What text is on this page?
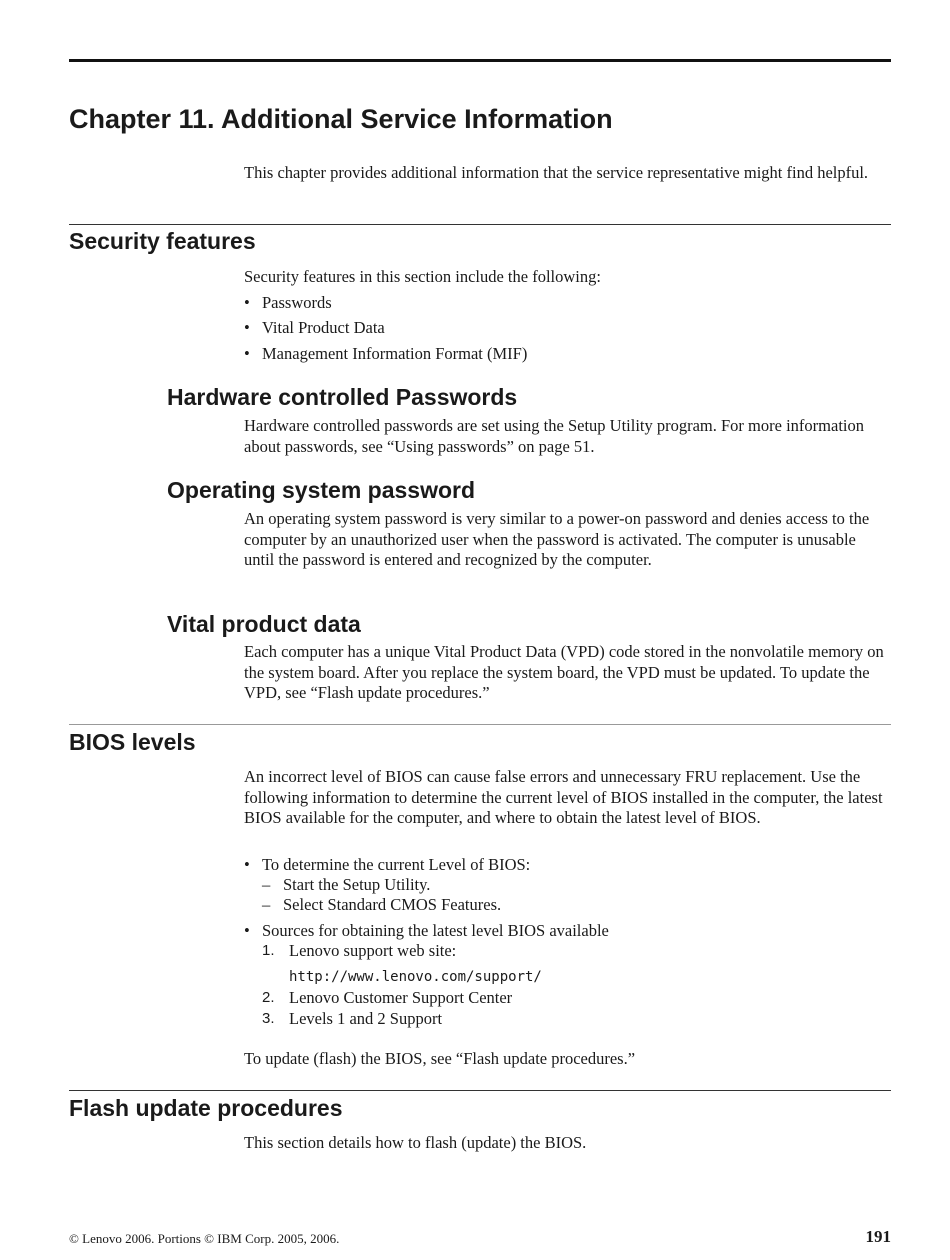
Chapter 11. Additional Service Information

This chapter provides additional information that the service representative might find helpful.

Security features

Security features in this section include the following:

• Passwords
• Vital Product Data
• Management Information Format (MIF)
Hardware controlled Passwords

Hardware controlled passwords are set using the Setup Utility program. For more information about passwords, see “Using passwords” on page 51.

Operating system password

An operating system password is very similar to a power-on password and denies access to the computer by an unauthorized user when the password is activated. The computer is unusable until the password is entered and recognized by the computer.

Vital product data

Each computer has a unique Vital Product Data (VPD) code stored in the nonvolatile memory on the system board. After you replace the system board, the VPD must be updated. To update the VPD, see “Flash update procedures.”

BIOS levels

An incorrect level of BIOS can cause false errors and unnecessary FRU replacement. Use the following information to determine the current level of BIOS installed in the computer, the latest BIOS available for the computer, and where to obtain the latest level of BIOS.

• To determine the current Level of BIOS:
– Start the Setup Utility.
– Select Standard CMOS Features.
• Sources for obtaining the latest level BIOS available
1. Lenovo support web site:
http://www.lenovo.com/support/
2. Lenovo Customer Support Center
3. Levels 1 and 2 Support

To update (flash) the BIOS, see “Flash update procedures.”

Flash update procedures

This section details how to flash (update) the BIOS.

© Lenovo 2006. Portions © IBM Corp. 2005, 2006.	191
